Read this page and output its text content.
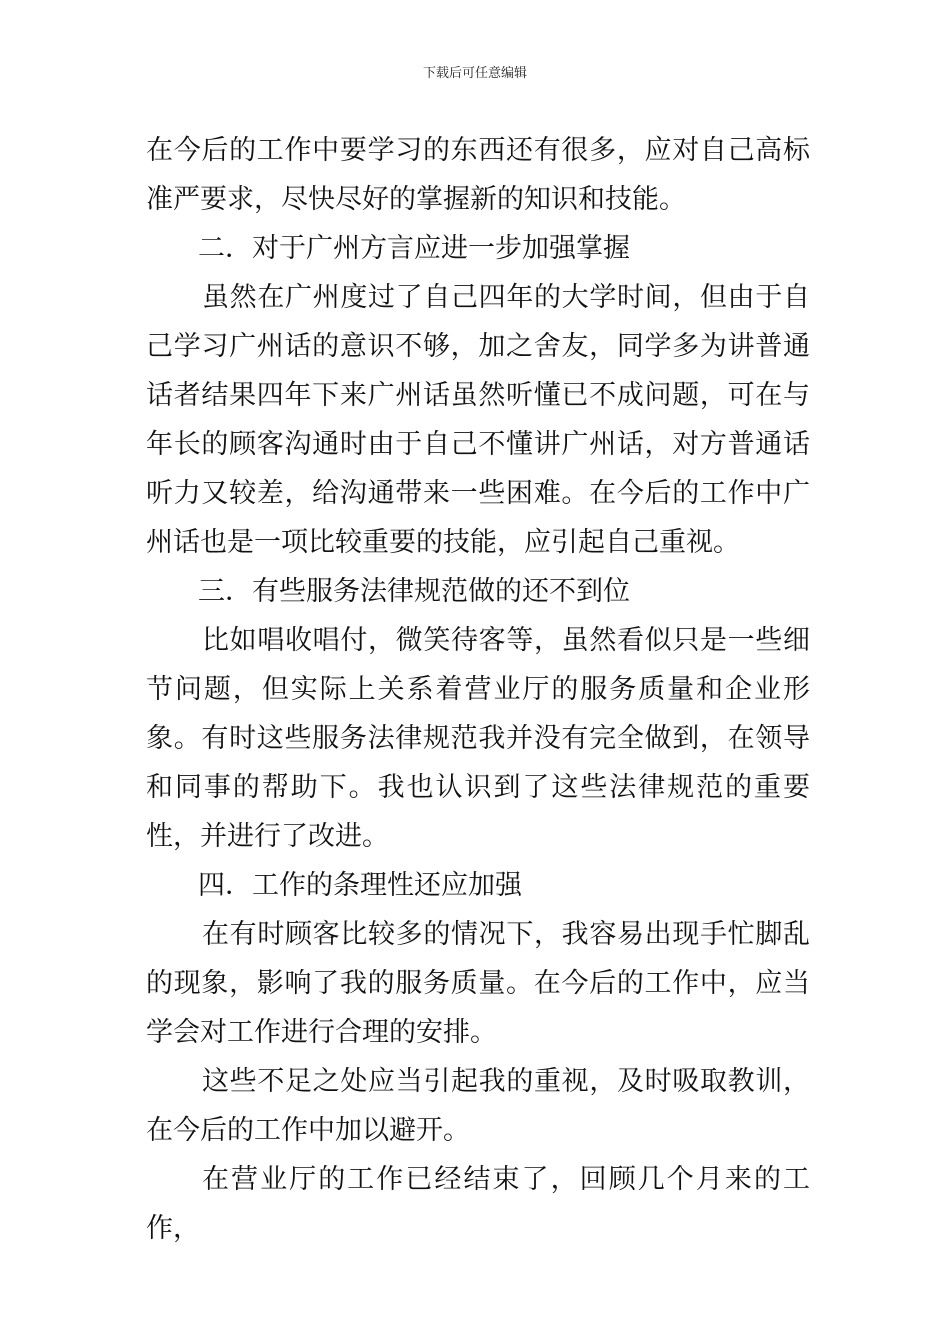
下载后可任意编辑

在今后的工作中要学习的东西还有很多，应对自己高标准严要求，尽快尽好的掌握新的知识和技能。

二．对于广州方言应进一步加强掌握

虽然在广州度过了自己四年的大学时间，但由于自己学习广州话的意识不够，加之舍友，同学多为讲普通话者结果四年下来广州话虽然听懂已不成问题，可在与年长的顾客沟通时由于自己不懂讲广州话，对方普通话听力又较差，给沟通带来一些困难。在今后的工作中广州话也是一项比较重要的技能，应引起自己重视。

三．有些服务法律规范做的还不到位

比如唱收唱付，微笑待客等，虽然看似只是一些细节问题，但实际上关系着营业厅的服务质量和企业形象。有时这些服务法律规范我并没有完全做到，在领导和同事的帮助下。我也认识到了这些法律规范的重要性，并进行了改进。

四．工作的条理性还应加强

在有时顾客比较多的情况下，我容易出现手忙脚乱的现象，影响了我的服务质量。在今后的工作中，应当学会对工作进行合理的安排。

这些不足之处应当引起我的重视，及时吸取教训，在今后的工作中加以避开。

在营业厅的工作已经结束了，回顾几个月来的工作，
